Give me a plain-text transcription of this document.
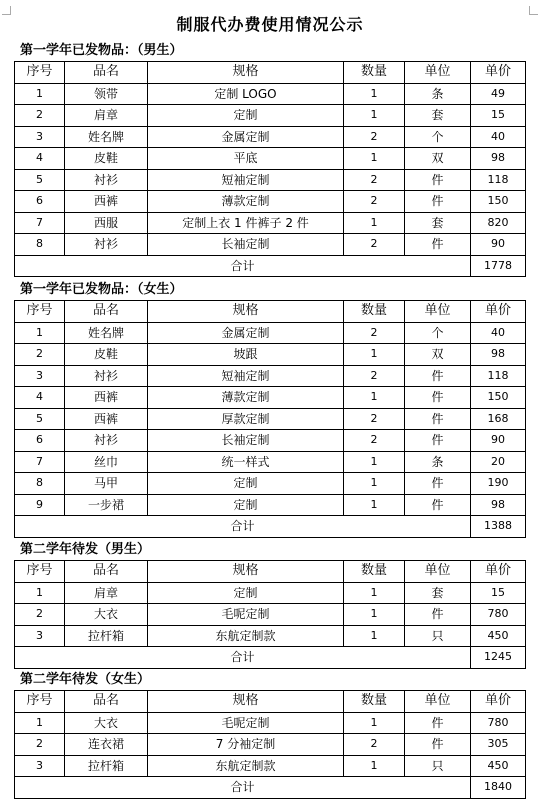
制服代办费使用情况公示
第一学年已发物品：（男生）
序号	品名	规格	数量	单位	单价
1	领带	定制 LOGO	1	条	49
2	肩章	定制	1	套	15
3	姓名牌	金属定制	2	个	40
4	皮鞋	平底	1	双	98
5	衬衫	短袖定制	2	件	118
6	西裤	薄款定制	2	件	150
7	西服	定制上衣 1 件裤子 2 件	1	套	820
8	衬衫	长袖定制	2	件	90
合计					1778
第一学年已发物品：（女生）
序号	品名	规格	数量	单位	单价
1	姓名牌	金属定制	2	个	40
2	皮鞋	坡跟	1	双	98
3	衬衫	短袖定制	2	件	118
4	西裤	薄款定制	1	件	150
5	西裤	厚款定制	2	件	168
6	衬衫	长袖定制	2	件	90
7	丝巾	统一样式	1	条	20
8	马甲	定制	1	件	190
9	一步裙	定制	1	件	98
合计					1388
第二学年待发（男生）
序号	品名	规格	数量	单位	单价
1	肩章	定制	1	套	15
2	大衣	毛呢定制	1	件	780
3	拉杆箱	东航定制款	1	只	450
合计					1245
第二学年待发（女生）
序号	品名	规格	数量	单位	单价
1	大衣	毛呢定制	1	件	780
2	连衣裙	7 分袖定制	2	件	305
3	拉杆箱	东航定制款	1	只	450
合计					1840
